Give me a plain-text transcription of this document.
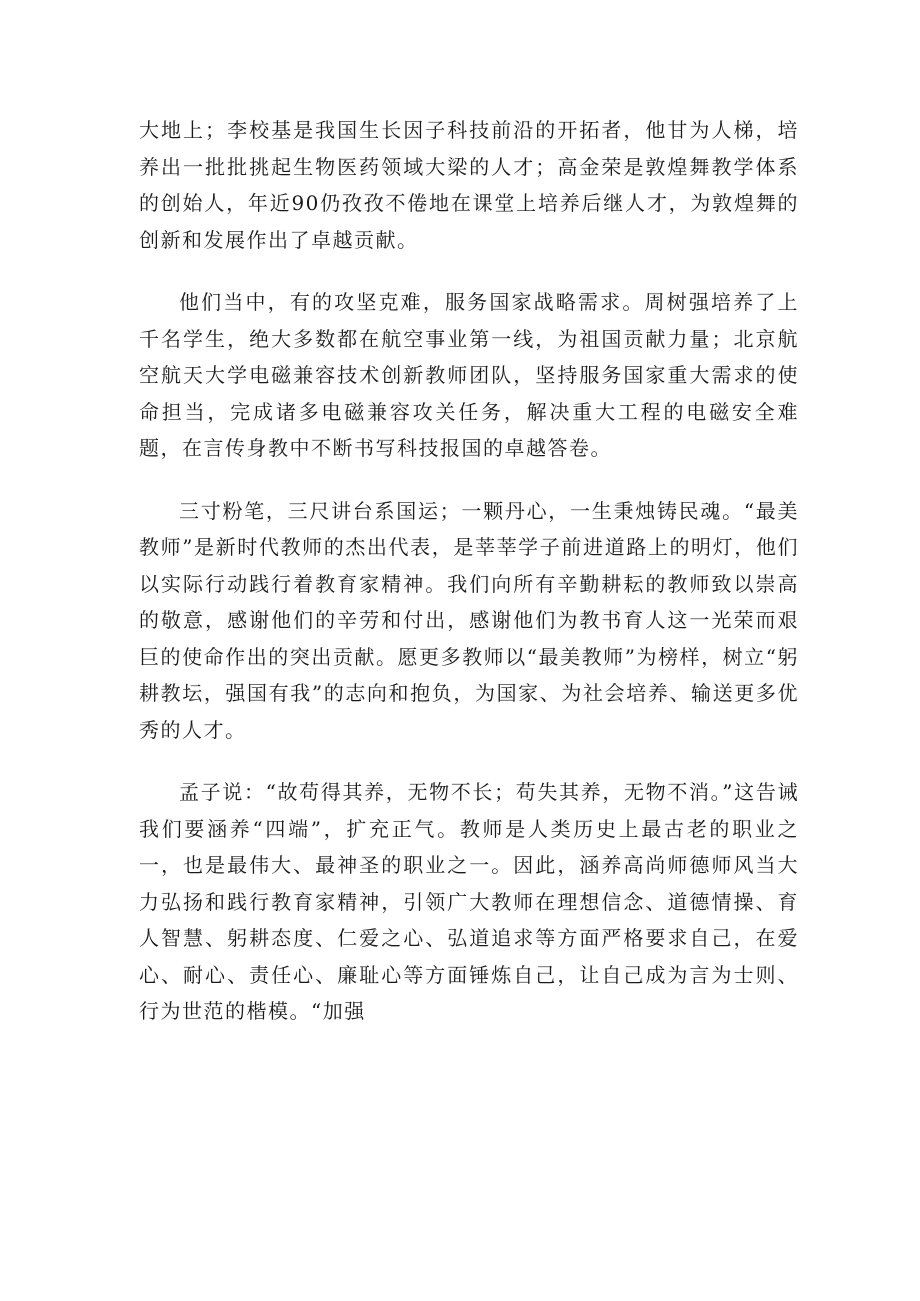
大地上；李校基是我国生长因子科技前沿的开拓者，他甘为人梯，培养出一批批挑起生物医药领域大梁的人才；高金荣是敦煌舞教学体系的创始人，年近90仍孜孜不倦地在课堂上培养后继人才，为敦煌舞的创新和发展作出了卓越贡献。

他们当中，有的攻坚克难，服务国家战略需求。周树强培养了上千名学生，绝大多数都在航空事业第一线，为祖国贡献力量；北京航空航天大学电磁兼容技术创新教师团队，坚持服务国家重大需求的使命担当，完成诸多电磁兼容攻关任务，解决重大工程的电磁安全难题，在言传身教中不断书写科技报国的卓越答卷。

三寸粉笔，三尺讲台系国运；一颗丹心，一生秉烛铸民魂。“最美教师”是新时代教师的杰出代表，是莘莘学子前进道路上的明灯，他们以实际行动践行着教育家精神。我们向所有辛勤耕耘的教师致以崇高的敬意，感谢他们的辛劳和付出，感谢他们为教书育人这一光荣而艰巨的使命作出的突出贡献。愿更多教师以“最美教师”为榜样，树立“躬耕教坛，强国有我”的志向和抱负，为国家、为社会培养、输送更多优秀的人才。

孟子说：“故苟得其养，无物不长；苟失其养，无物不消。”这告诫我们要涵养“四端”，扩充正气。教师是人类历史上最古老的职业之一，也是最伟大、最神圣的职业之一。因此，涵养高尚师德师风当大力弘扬和践行教育家精神，引领广大教师在理想信念、道德情操、育人智慧、躬耕态度、仁爱之心、弘道追求等方面严格要求自己，在爱心、耐心、责任心、廉耻心等方面锤炼自己，让自己成为言为士则、行为世范的楷模。“加强
